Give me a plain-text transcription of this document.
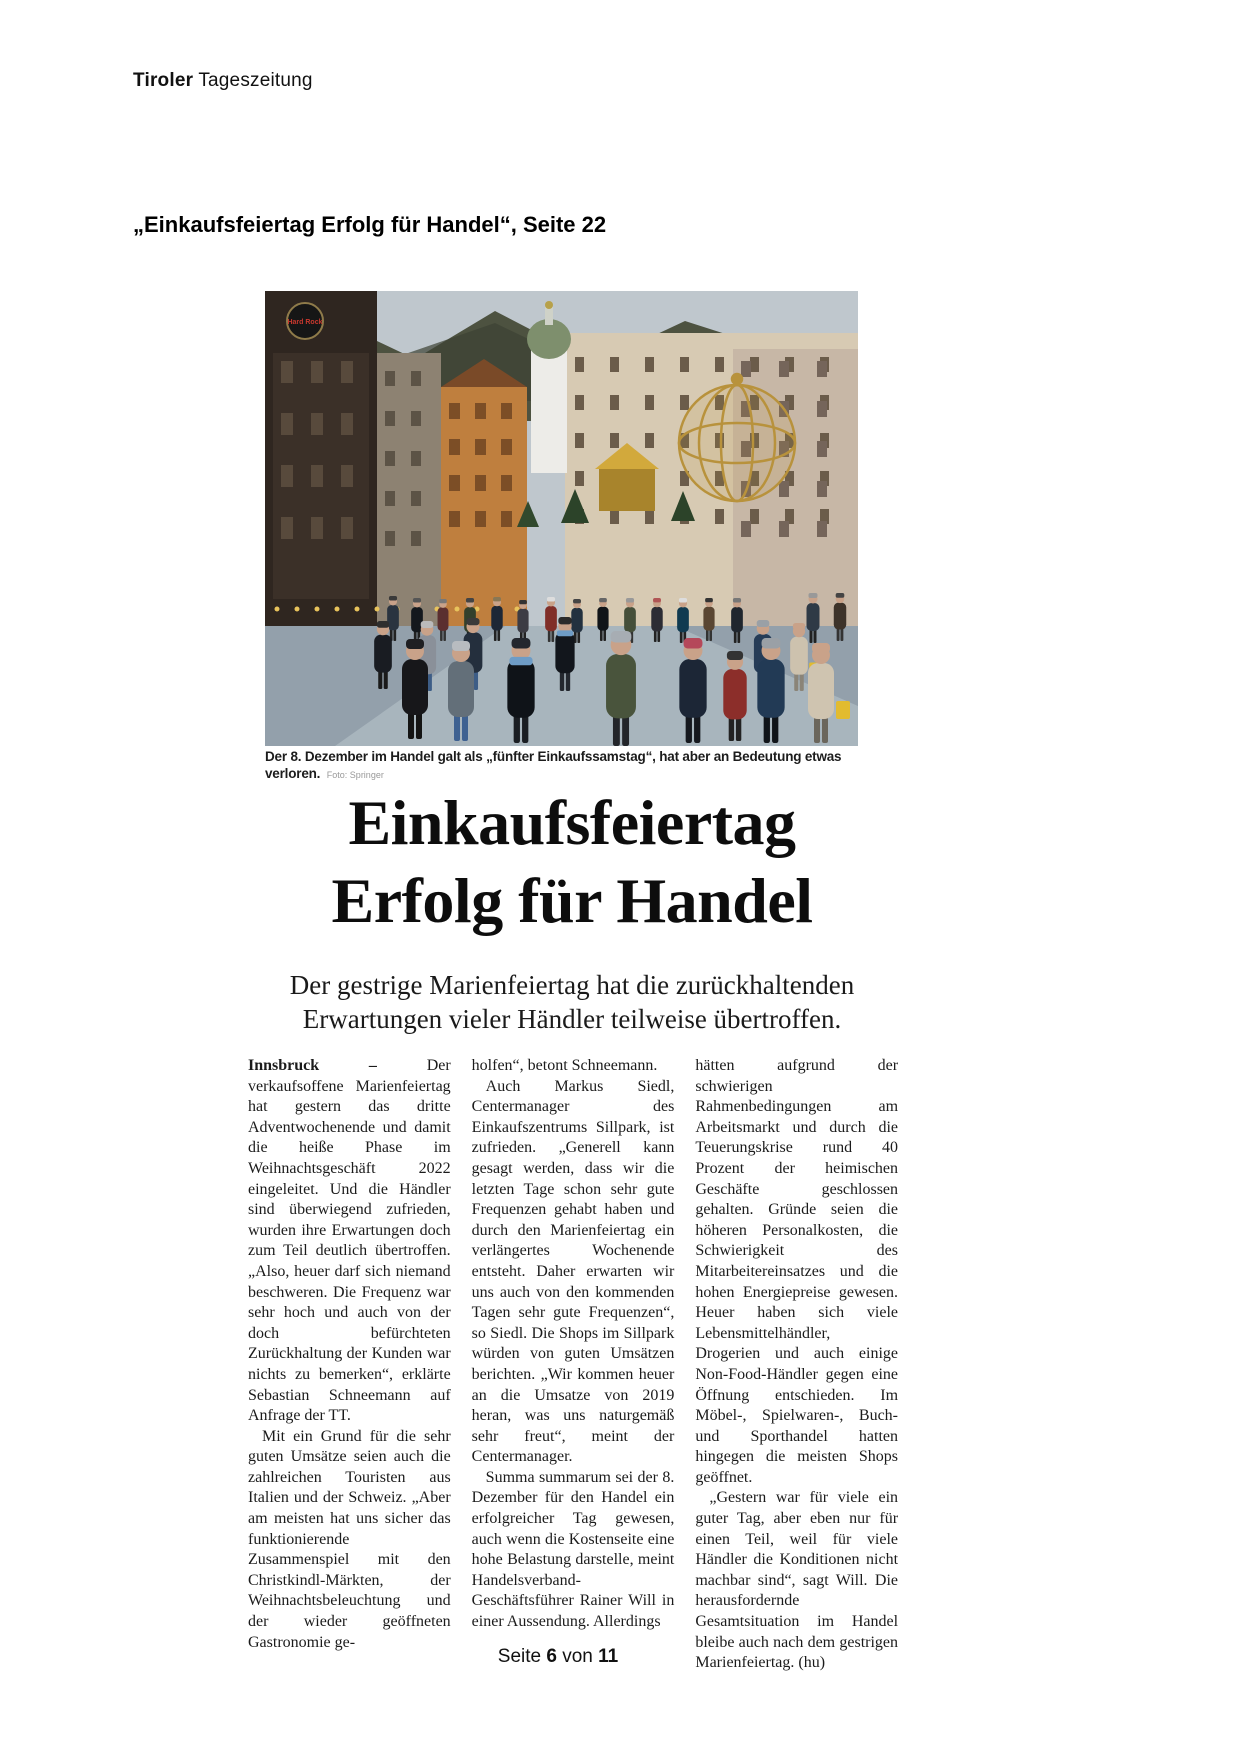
Tiroler Tageszeitung
„Einkaufsfeiertag Erfolg für Handel“, Seite 22
Hard Rock
Der 8. Dezember im Handel galt als „fünfter Einkaufssamstag“, hat aber an Bedeutung etwas verloren. Foto: Springer
Einkaufsfeiertag
Erfolg für Handel
Der gestrige Marienfeiertag hat die zurückhaltenden
Erwartungen vieler Händler teilweise übertroffen.

Innsbruck – Der verkaufsoffene Marienfeiertag hat gestern das dritte Adventwochenende und damit die heiße Phase im Weihnachtsgeschäft 2022 eingeleitet. Und die Händler sind überwiegend zufrieden, wurden ihre Erwartungen doch zum Teil deutlich übertroffen. „Also, heuer darf sich niemand beschweren. Die Frequenz war sehr hoch und auch von der doch befürchteten Zurückhaltung der Kunden war nichts zu bemerken“, erklärte Sebastian Schneemann auf Anfrage der TT.

Mit ein Grund für die sehr guten Umsätze seien auch die zahlreichen Touristen aus Italien und der Schweiz. „Aber am meisten hat uns sicher das funktionierende Zusammenspiel mit den Christkindl-Märkten, der Weihnachtsbeleuchtung und der wieder geöffneten Gastronomie ge-

holfen“, betont Schneemann.

Auch Markus Siedl, Centermanager des Einkaufszentrums Sillpark, ist zufrieden. „Generell kann gesagt werden, dass wir die letzten Tage schon sehr gute Frequenzen gehabt haben und durch den Marienfeiertag ein verlängertes Wochenende entsteht. Daher erwarten wir uns auch von den kommenden Tagen sehr gute Frequenzen“, so Siedl. Die Shops im Sillpark würden von guten Umsätzen berichten. „Wir kommen heuer an die Umsatze von 2019 heran, was uns naturgemäß sehr freut“, meint der Centermanager.

Summa summarum sei der 8. Dezember für den Handel ein erfolgreicher Tag gewesen, auch wenn die Kostenseite eine hohe Belastung darstelle, meint Handelsverband-Geschäftsführer Rainer Will in einer Aussendung. Allerdings

hätten aufgrund der schwierigen Rahmenbedingungen am Arbeitsmarkt und durch die Teuerungskrise rund 40 Prozent der heimischen Geschäfte geschlossen gehalten. Gründe seien die höheren Personalkosten, die Schwierigkeit des Mitarbeitereinsatzes und die hohen Energiepreise gewesen. Heuer haben sich viele Lebensmittelhändler, Drogerien und auch einige Non-Food-Händler gegen eine Öffnung entschieden. Im Möbel-, Spielwaren-, Buch- und Sporthandel hatten hingegen die meisten Shops geöffnet.

„Gestern war für viele ein guter Tag, aber eben nur für einen Teil, weil für viele Händler die Konditionen nicht machbar sind“, sagt Will. Die herausfordernde Gesamtsituation im Handel bleibe auch nach dem gestrigen Marienfeiertag. (hu)

Seite 6 von 11
